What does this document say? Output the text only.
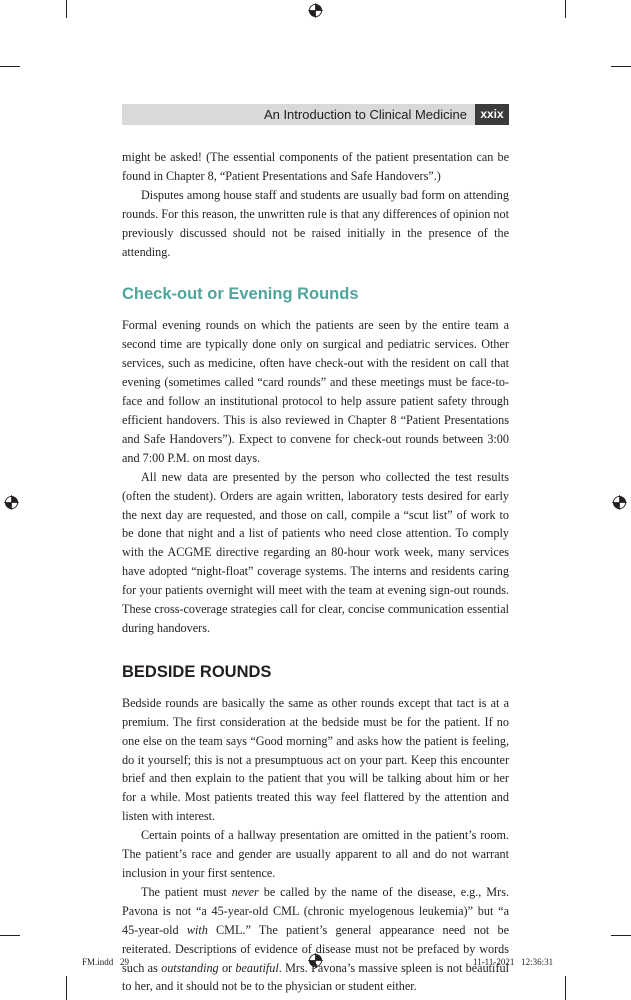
An Introduction to Clinical Medicine	xxix

might be asked! (The essential components of the patient presentation can be found in Chapter 8, “Patient Presentations and Safe Handovers”.)

Disputes among house staff and students are usually bad form on attending rounds. For this reason, the unwritten rule is that any differences of opinion not previously discussed should not be raised initially in the presence of the attending.

Check-out or Evening Rounds

Formal evening rounds on which the patients are seen by the entire team a second time are typically done only on surgical and pediatric services. Other services, such as medicine, often have check-out with the resident on call that evening (sometimes called “card rounds” and these meetings must be face-to-face and follow an institutional protocol to help assure patient safety through efficient handovers. This is also reviewed in Chapter 8 “Patient Presentations and Safe Handovers”). Expect to convene for check-out rounds between 3:00 and 7:00 P.M. on most days.

All new data are presented by the person who collected the test results (often the student). Orders are again written, laboratory tests desired for early the next day are requested, and those on call, compile a “scut list” of work to be done that night and a list of patients who need close attention. To comply with the ACGME directive regarding an 80-hour work week, many services have adopted “night-float” coverage systems. The interns and residents caring for your patients overnight will meet with the team at evening sign-out rounds. These cross-coverage strategies call for clear, concise communication essential during handovers.

BEDSIDE ROUNDS

Bedside rounds are basically the same as other rounds except that tact is at a premium. The first consideration at the bedside must be for the patient. If no one else on the team says “Good morning” and asks how the patient is feeling, do it yourself; this is not a presumptuous act on your part. Keep this encounter brief and then explain to the patient that you will be talking about him or her for a while. Most patients treated this way feel flattered by the attention and listen with interest.

Certain points of a hallway presentation are omitted in the patient’s room. The patient’s race and gender are usually apparent to all and do not warrant inclusion in your first sentence.

The patient must never be called by the name of the disease, e.g., Mrs. Pavona is not “a 45-year-old CML (chronic myelogenous leukemia)” but “a 45-year-old with CML.” The patient’s general appearance need not be reiterated. Descriptions of evidence of disease must not be prefaced by words such as outstanding or beautiful. Mrs. Pavona’s massive spleen is not beautiful to her, and it should not be to the physician or student either.

FM.indd   29	11-11-2021   12:36:31
